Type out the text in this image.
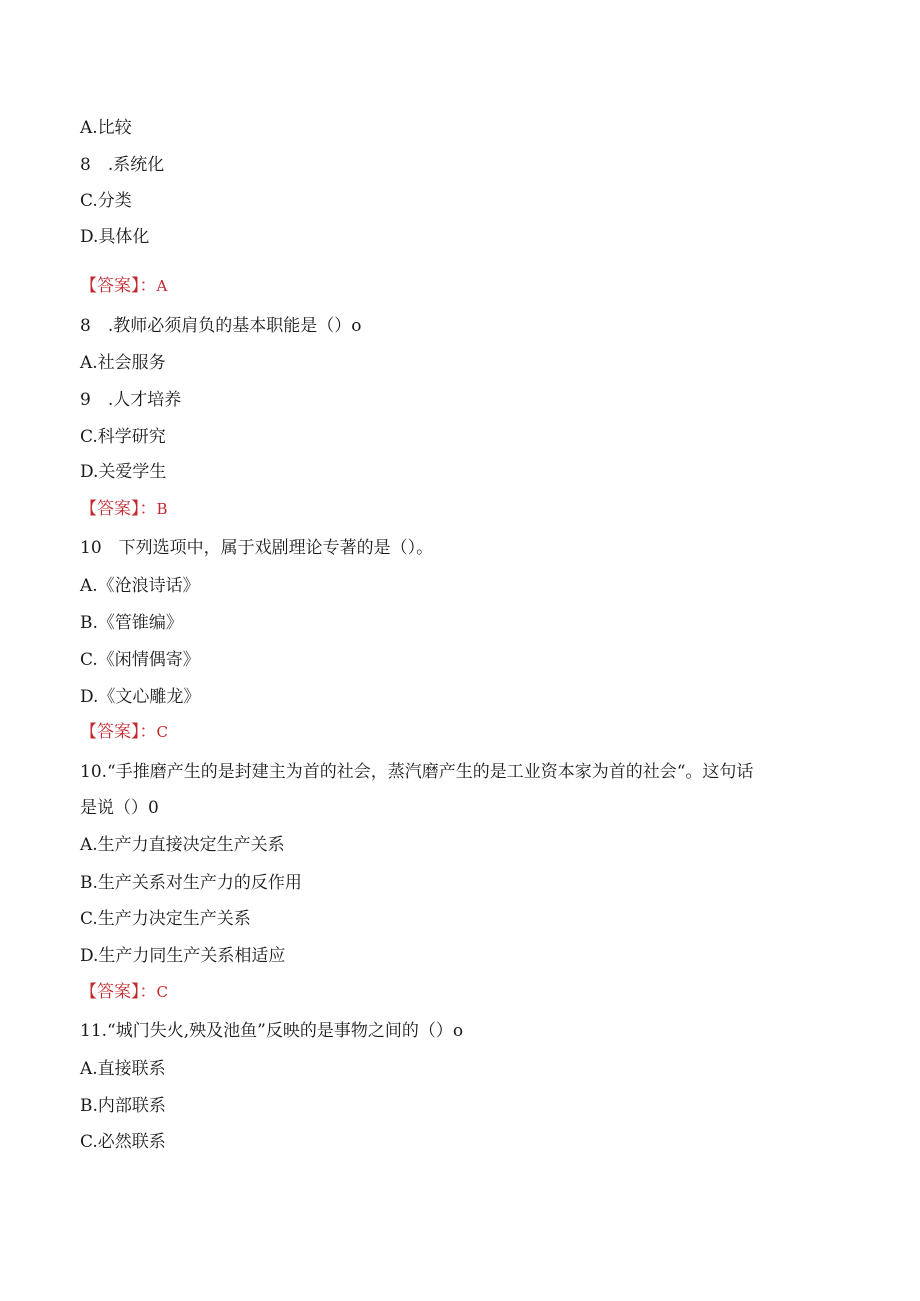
A.比较
8　.系统化
C.分类
D.具体化
【答案】：A
8　.教师必须肩负的基本职能是（）o
A.社会服务
9　.人才培养
C.科学研究
D.关爱学生
【答案】：B
10　下列选项中，属于戏剧理论专著的是（）。
A.《沧浪诗话》
B.《管锥编》
C.《闲情偶寄》
D.《文心雕龙》
【答案】：C
10.“手推磨产生的是封建主为首的社会，蒸汽磨产生的是工业资本家为首的社会“。这句话
是说（）0
A.生产力直接决定生产关系
B.生产关系对生产力的反作用
C.生产力决定生产关系
D.生产力同生产关系相适应
【答案】：C
11.“城门失火,殃及池鱼”反映的是事物之间的（）o
A.直接联系
B.内部联系
C.必然联系
